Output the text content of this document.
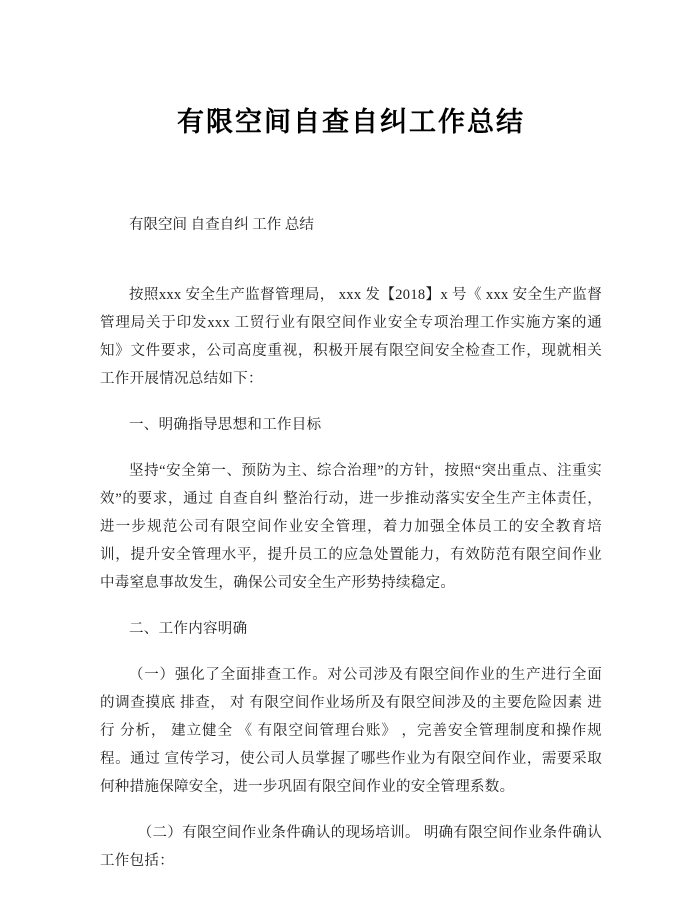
有限空间自查自纠工作总结

有限空间 自查自纠 工作 总结

按照xxx 安全生产监督管理局， xxx 发【2018】x 号《 xxx 安全生产监督管理局关于印发xxx 工贸行业有限空间作业安全专项治理工作实施方案的通知》文件要求，公司高度重视，积极开展有限空间安全检查工作，现就相关工作开展情况总结如下：

一、明确指导思想和工作目标

坚持“安全第一、预防为主、综合治理”的方针，按照“突出重点、注重实效”的要求，通过 自查自纠 整治行动，进一步推动落实安全生产主体责任，进一步规范公司有限空间作业安全管理，着力加强全体员工的安全教育培训，提升安全管理水平，提升员工的应急处置能力，有效防范有限空间作业中毒窒息事故发生，确保公司安全生产形势持续稳定。

二、工作内容明确

（一）强化了全面排查工作。对公司涉及有限空间作业的生产进行全面的调查摸底 排查， 对 有限空间作业场所及有限空间涉及的主要危险因素 进行 分析， 建立健全 《 有限空间管理台账》 ，完善安全管理制度和操作规程。通过 宣传学习，使公司人员掌握了哪些作业为有限空间作业，需要采取何种措施保障安全，进一步巩固有限空间作业的安全管理系数。

（二）有限空间作业条件确认的现场培训。 明确有限空间作业条件确认工作包括：
